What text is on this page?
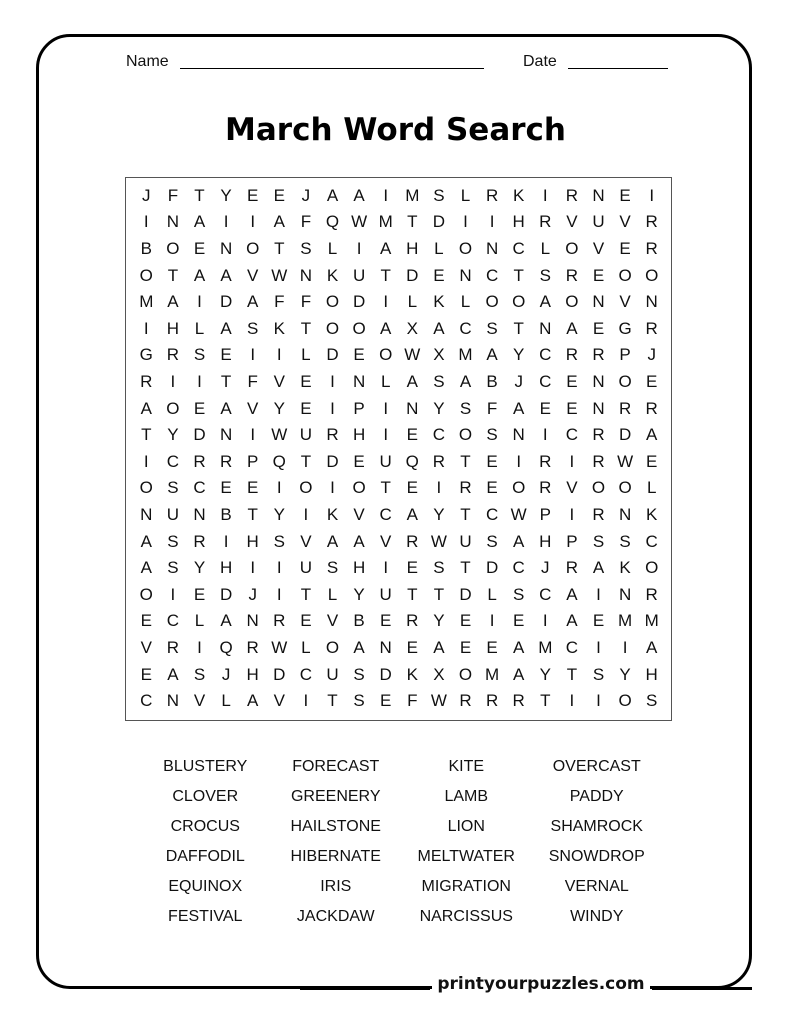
Name	Date
March Word Search
J	F T Y E E J A A	I	M S L R K	I	R N E	I
I	N A	I	I	A F Q W M T D	I	I	H R V U V R
B O E N O T S L	I	A H L O N C L O V E R
O T A A V W N K U T D E N C T S R E O O
M A	I	D A F F O D	I	L K L O O A O N V N
I	H L A S K T O O A X A C S T N A E G R
G R S E	I	I	L D E O W X M A Y C R R P J
R	I	I	T F V E	I	N L A S A B J C E N O E
A O E A V Y E	I	P	I	N Y S F A E E N R R
T Y D N	I W U R H	I	E C O S N	I	C R D A
I	C R R P Q T D E U Q R T E	I	R	I	R W E
O S C E E	I	O	I	O T E	I	R E O R V O O L
N U N B T Y	I	K V C A Y T C W P	I	R N K
A S R	I	H S V A A V R W U S A H P S S C
A S Y H	I	I	U S H	I	E S T D C J R A K O
O	I	E D J	I	T L Y U T T D L S C A	I	N R
E C L A N R E V B E R Y E	I	E	I	A E M M
V R	I	Q R W L O A N E A E E A M C	I	I	A
E A S J H D C U S D K X O M A Y T S Y H
C N V L A V	I	T S E F W R R R T	I	I	O S
BLUSTERY	FORECAST	KITE	OVERCAST
CLOVER	GREENERY	LAMB	PADDY
CROCUS	HAILSTONE	LION	SHAMROCK
DAFFODIL	HIBERNATE	MELTWATER	SNOWDROP
EQUINOX	IRIS	MIGRATION	VERNAL
FESTIVAL	JACKDAW	NARCISSUS	WINDY
printyourpuzzles.com
